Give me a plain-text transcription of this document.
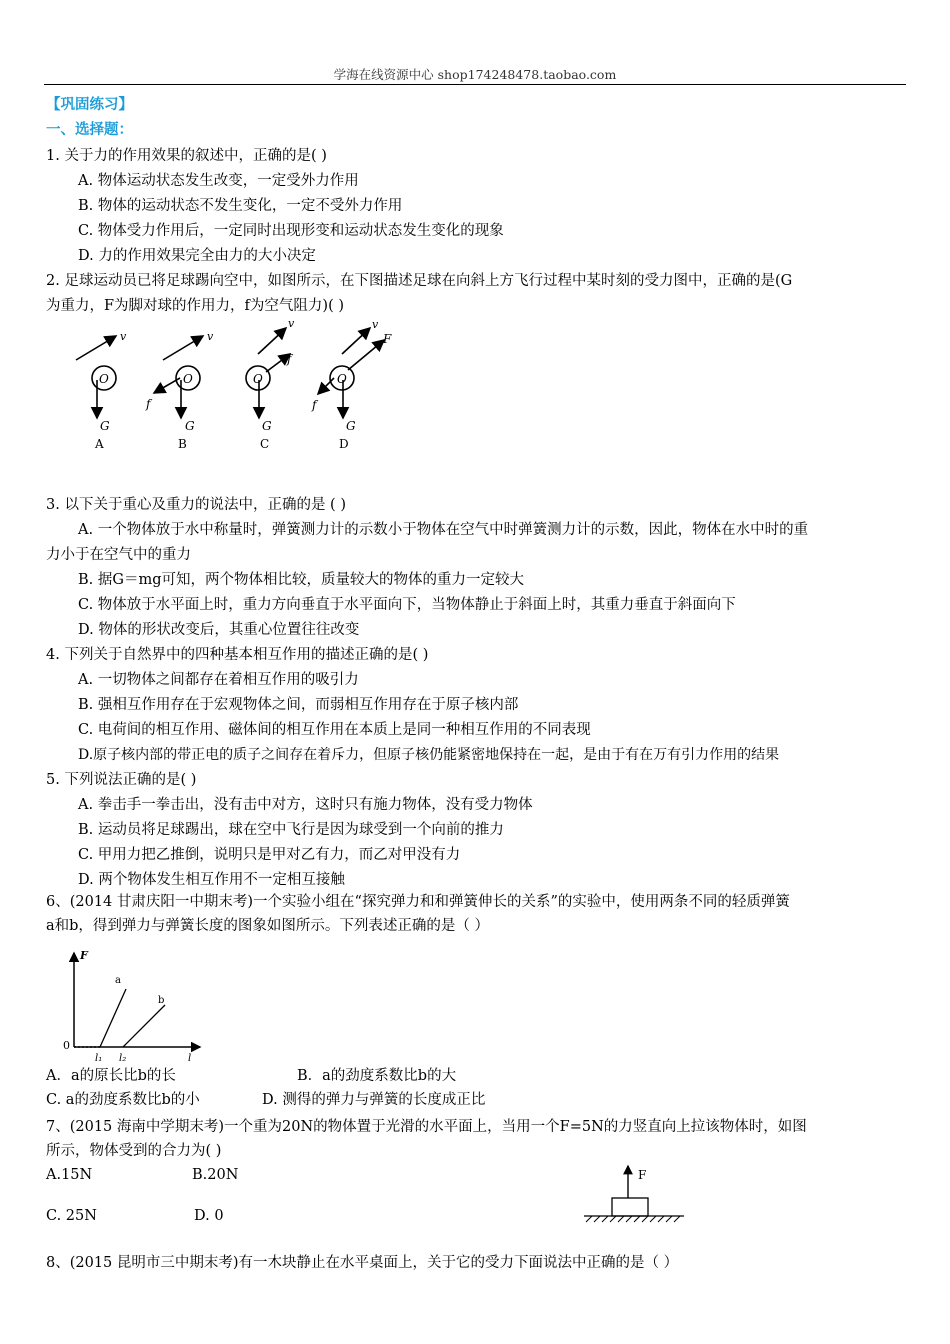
学海在线资源中心 shop174248478.taobao.com
【巩固练习】
一、选择题：
1. 关于力的作用效果的叙述中，正确的是( )
A. 物体运动状态发生改变，一定受外力作用
B. 物体的运动状态不发生变化，一定不受外力作用
C. 物体受力作用后，一定同时出现形变和运动状态发生变化的现象
D. 力的作用效果完全由力的大小决定
2. 足球运动员已将足球踢向空中，如图所示，在下图描述足球在向斜上方飞行过程中某时刻的受力图中，正确的是(G
为重力，F为脚对球的作用力，f为空气阻力)( )
v
O
G
A
v
O
f
G
B
v
O
f
G
C
v
F
O
f
G
D
3. 以下关于重心及重力的说法中，正确的是 ( )
A. 一个物体放于水中称量时，弹簧测力计的示数小于物体在空气中时弹簧测力计的示数，因此，物体在水中时的重
力小于在空气中的重力
B. 据G＝mg可知，两个物体相比较，质量较大的物体的重力一定较大
C. 物体放于水平面上时，重力方向垂直于水平面向下，当物体静止于斜面上时，其重力垂直于斜面向下
D. 物体的形状改变后，其重心位置往往改变
4. 下列关于自然界中的四种基本相互作用的描述正确的是( )
A. 一切物体之间都存在着相互作用的吸引力
B. 强相互作用存在于宏观物体之间，而弱相互作用存在于原子核内部
C. 电荷间的相互作用、磁体间的相互作用在本质上是同一种相互作用的不同表现
D.原子核内部的带正电的质子之间存在着斥力，但原子核仍能紧密地保持在一起，是由于有在万有引力作用的结果
5. 下列说法正确的是( )
A. 拳击手一拳击出，没有击中对方，这时只有施力物体，没有受力物体
B. 运动员将足球踢出，球在空中飞行是因为球受到一个向前的推力
C. 甲用力把乙推倒，说明只是甲对乙有力，而乙对甲没有力
D. 两个物体发生相互作用不一定相互接触
6、(2014 甘肃庆阳一中期末考)一个实验小组在“探究弹力和和弹簧伸长的关系”的实验中，使用两条不同的轻质弹簧
a和b，得到弹力与弹簧长度的图象如图所示。下列表述正确的是（ ）
F
0
a
b
l₁ l₂	l
A．a的原长比b的长	B．a的劲度系数比b的大
C. a的劲度系数比b的小	D. 测得的弹力与弹簧的长度成正比
7、(2015 海南中学期末考)一个重为20N的物体置于光滑的水平面上，当用一个F=5N的力竖直向上拉该物体时，如图
所示，物体受到的合力为( )
A.15N	B.20N
C. 25N	D. 0
F
8、(2015 昆明市三中期末考)有一木块静止在水平桌面上，关于它的受力下面说法中正确的是（ ）
